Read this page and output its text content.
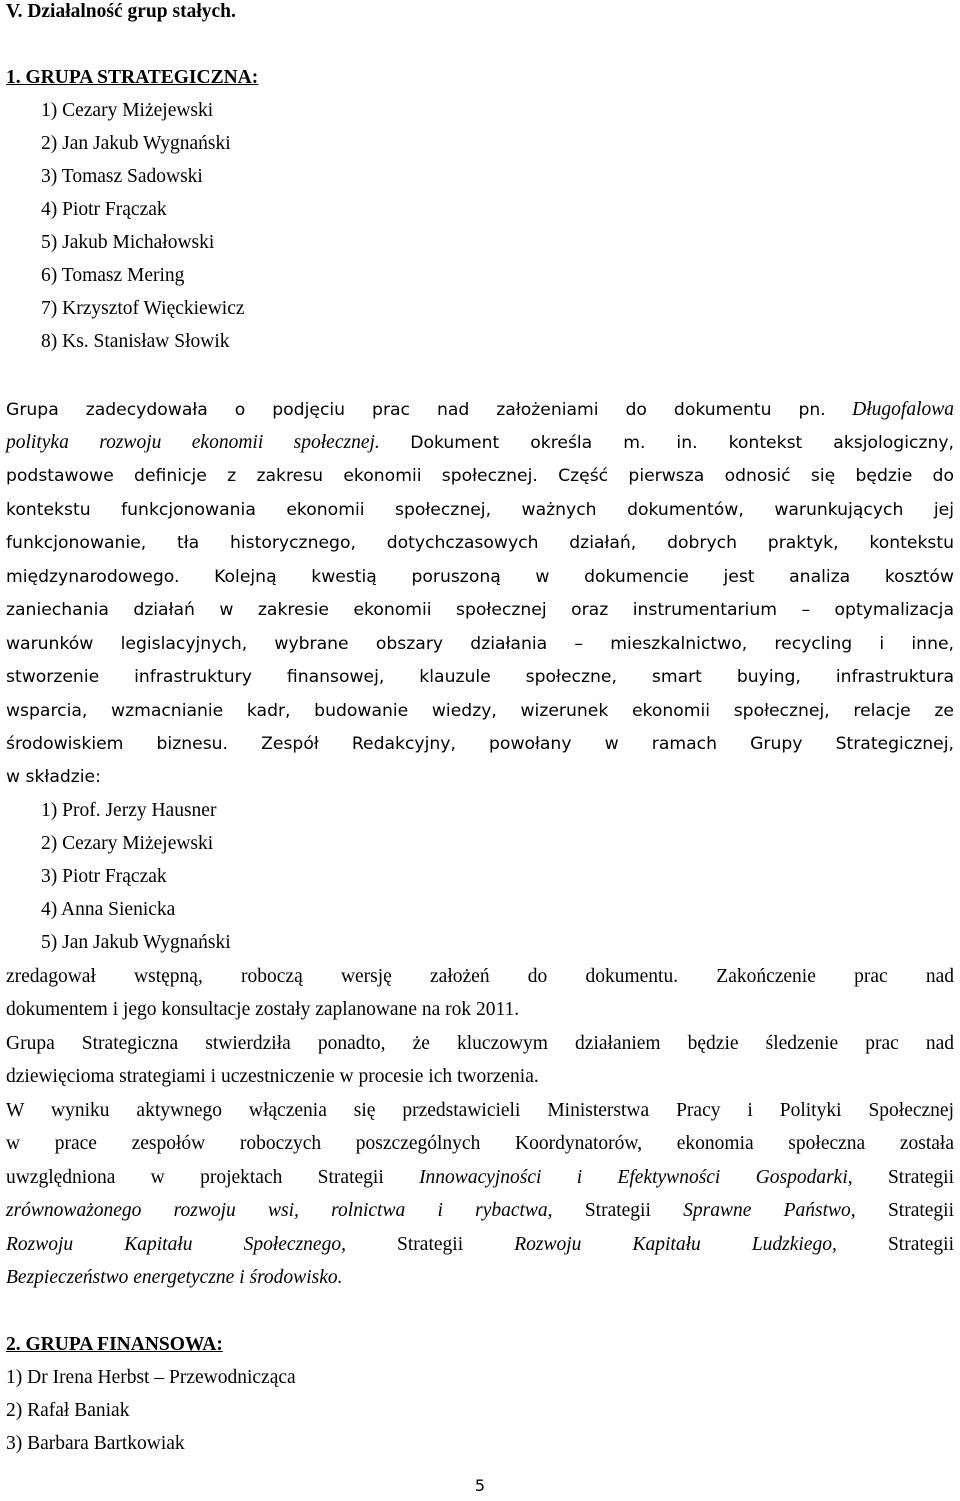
V. Działalność grup stałych.
1. GRUPA STRATEGICZNA:
1) Cezary Miżejewski
2) Jan Jakub Wygnański
3) Tomasz Sadowski
4) Piotr Frączak
5) Jakub Michałowski
6) Tomasz Mering
7) Krzysztof Więckiewicz
8) Ks. Stanisław Słowik
Grupa zadecydowała o podjęciu prac nad założeniami do dokumentu pn. Długofalowa
polityka rozwoju ekonomii społecznej. Dokument określa m. in. kontekst aksjologiczny,
podstawowe definicje z zakresu ekonomii społecznej. Część pierwsza odnosić się będzie do
kontekstu funkcjonowania ekonomii społecznej, ważnych dokumentów, warunkujących jej
funkcjonowanie, tła historycznego, dotychczasowych działań, dobrych praktyk, kontekstu
międzynarodowego. Kolejną kwestią poruszoną w dokumencie jest analiza kosztów
zaniechania działań w zakresie ekonomii społecznej oraz instrumentarium – optymalizacja
warunków legislacyjnych, wybrane obszary działania – mieszkalnictwo, recycling i inne,
stworzenie infrastruktury finansowej, klauzule społeczne, smart buying, infrastruktura
wsparcia, wzmacnianie kadr, budowanie wiedzy, wizerunek ekonomii społecznej, relacje ze
środowiskiem biznesu. Zespół Redakcyjny, powołany w ramach Grupy Strategicznej,
w składzie:
1) Prof. Jerzy Hausner
2) Cezary Miżejewski
3) Piotr Frączak
4) Anna Sienicka
5) Jan Jakub Wygnański
zredagował wstępną, roboczą wersję założeń do dokumentu. Zakończenie prac nad
dokumentem i jego konsultacje zostały zaplanowane na rok 2011.
Grupa Strategiczna stwierdziła ponadto, że kluczowym działaniem będzie śledzenie prac nad
dziewięcioma strategiami i uczestniczenie w procesie ich tworzenia.
W wyniku aktywnego włączenia się przedstawicieli Ministerstwa Pracy i Polityki Społecznej
w prace zespołów roboczych poszczególnych Koordynatorów, ekonomia społeczna została
uwzględniona w projektach Strategii Innowacyjności i Efektywności Gospodarki, Strategii
zrównoważonego rozwoju wsi, rolnictwa i rybactwa, Strategii Sprawne Państwo, Strategii
Rozwoju Kapitału Społecznego,	Strategii	Rozwoju Kapitału Ludzkiego,	Strategii
Bezpieczeństwo energetyczne i środowisko.
2. GRUPA FINANSOWA:
1) Dr Irena Herbst – Przewodnicząca
2) Rafał Baniak
3) Barbara Bartkowiak
5
